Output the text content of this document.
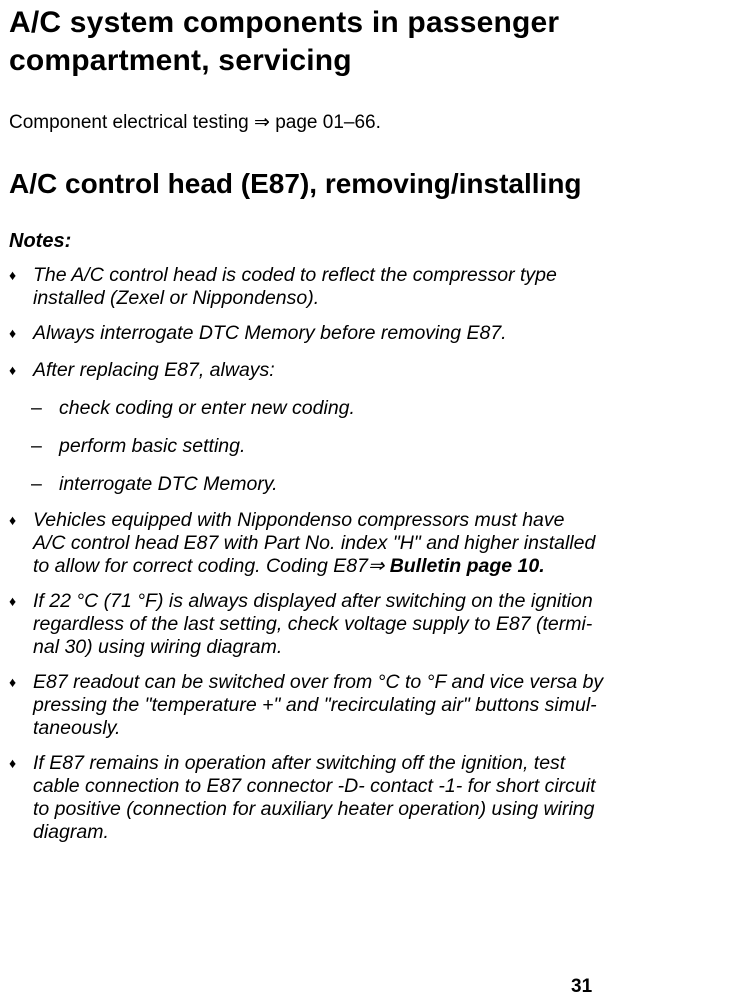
A/C system components in passenger
compartment, servicing
Component electrical testing ⇒ page 01–66.
A/C control head (E87), removing/installing
Notes:
♦ The A/C control head is coded to reflect the compressor type
installed (Zexel or Nippondenso).
♦ Always interrogate DTC Memory before removing E87.
♦ After replacing E87, always:
– check coding or enter new coding.
– perform basic setting.
– interrogate DTC Memory.
♦ Vehicles equipped with Nippondenso compressors must have
A/C control head E87 with Part No. index "H" and higher installed
to allow for correct coding. Coding E87⇒ Bulletin page 10.
♦ If 22 °C (71 °F) is always displayed after switching on the ignition
regardless of the last setting, check voltage supply to E87 (termi-
nal 30) using wiring diagram.
♦ E87 readout can be switched over from °C to °F and vice versa by
pressing the "temperature +" and "recirculating air" buttons simul-
taneously.
♦ If E87 remains in operation after switching off the ignition, test
cable connection to E87 connector -D- contact -1- for short circuit
to positive (connection for auxiliary heater operation) using wiring
diagram.
31
